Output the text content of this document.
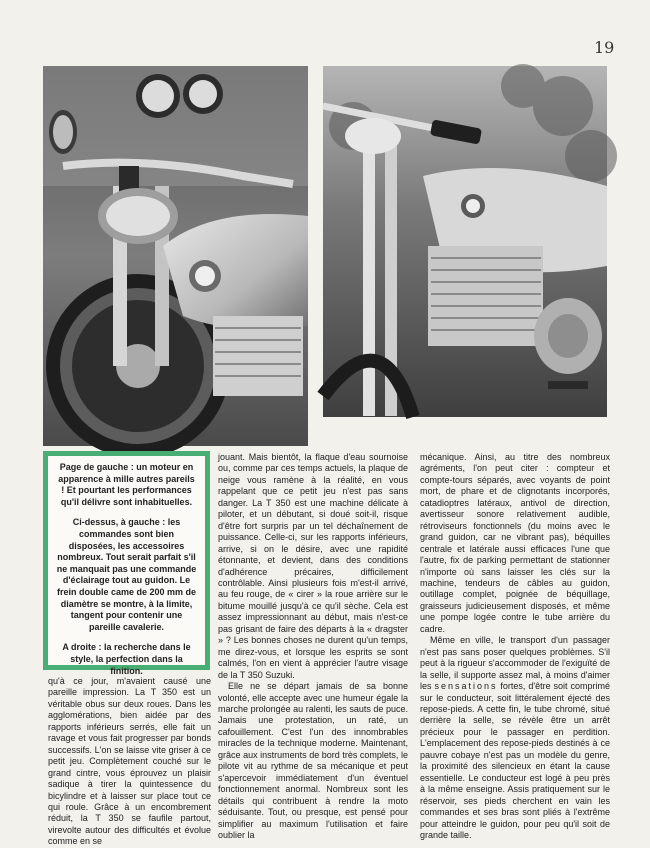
19

Page de gauche : un moteur en apparence à mille autres pareils ! Et pourtant les performances qu'il délivre sont inhabituelles.

Ci-dessus, à gauche : les commandes sont bien disposées, les accessoires nombreux. Tout serait parfait s'il ne manquait pas une commande d'éclairage tout au guidon. Le frein double came de 200 mm de diamètre se montre, à la limite, tangent pour contenir une pareille cavalerie.

A droite : la recherche dans le style, la perfection dans la finition.

qu'à ce jour, m'avaient causé une pareille impression. La T 350 est un véritable obus sur deux roues. Dans les agglomérations, bien aidée par des rapports inférieurs serrés, elle fait un ravage et vous fait progresser par bonds successifs. L'on se laisse vite griser à ce petit jeu. Complètement couché sur le grand cintre, vous éprouvez un plaisir sadique à tirer la quintessence du bicylindre et à laisser sur place tout ce qui roule. Grâce à un encombrement réduit, la T 350 se faufile partout, virevolte autour des difficultés et évolue comme en se

jouant. Mais bientôt, la flaque d'eau sournoise ou, comme par ces temps actuels, la plaque de neige vous ramène à la réalité, en vous rappelant que ce petit jeu n'est pas sans danger. La T 350 est une machine délicate à piloter, et un débutant, si doué soit-il, risque d'être fort surpris par un tel déchaînement de puissance. Celle-ci, sur les rapports inférieurs, arrive, si on le désire, avec une rapidité étonnante, et devient, dans des conditions d'adhérence précaires, difficilement contrôlable. Ainsi plusieurs fois m'est-il arrivé, au feu rouge, de « cirer » la roue arrière sur le bitume mouillé jusqu'à ce qu'il sèche. Cela est assez impressionnant au début, mais n'est-ce pas grisant de faire des départs à la « dragster » ? Les bonnes choses ne durent qu'un temps, me direz-vous, et lorsque les esprits se sont calmés, l'on en vient à apprécier l'autre visage de la T 350 Suzuki.

Elle ne se départ jamais de sa bonne volonté, elle accepte avec une humeur égale la marche prolongée au ralenti, les sauts de puce. Jamais une protestation, un raté, un cafouillement. C'est l'un des innombrables miracles de la technique moderne. Maintenant, grâce aux instruments de bord très complets, le pilote vit au rythme de sa mécanique et peut s'apercevoir immédiatement d'un éventuel fonctionnement anormal. Nombreux sont les détails qui contribuent à rendre la moto séduisante. Tout, ou presque, est pensé pour simplifier au maximum l'utilisation et faire oublier la

mécanique. Ainsi, au titre des nombreux agréments, l'on peut citer : compteur et compte-tours séparés, avec voyants de point mort, de phare et de clignotants incorporés, catadioptres latéraux, antivol de direction, avertisseur sonore relativement audible, rétroviseurs fonctionnels (du moins avec le grand guidon, car ne vibrant pas), béquilles centrale et latérale aussi efficaces l'une que l'autre, fix de parking permettant de stationner n'importe où sans laisser les clés sur la machine, tendeurs de câbles au guidon, outillage complet, poignée de béquillage, graisseurs judicieusement disposés, et même une pompe logée contre le tube arrière du cadre.

Même en ville, le transport d'un passager n'est pas sans poser quelques problèmes. S'il peut à la rigueur s'accommoder de l'exiguïté de la selle, il supporte assez mal, à moins d'aimer les sensations fortes, d'être soit comprimé sur le conducteur, soit littéralement éjecté des repose-pieds. A cette fin, le tube chromé, situé derrière la selle, se révèle être un arrêt précieux pour le passager en perdition. L'emplacement des repose-pieds destinés à ce pauvre cobaye n'est pas un modèle du genre, la proximité des silencieux en étant la cause essentielle. Le conducteur est logé à peu près à la même enseigne. Assis pratiquement sur le réservoir, ses pieds cherchent en vain les commandes et ses bras sont pliés à l'extrême pour atteindre le guidon, pour peu qu'il soit de grande taille.
